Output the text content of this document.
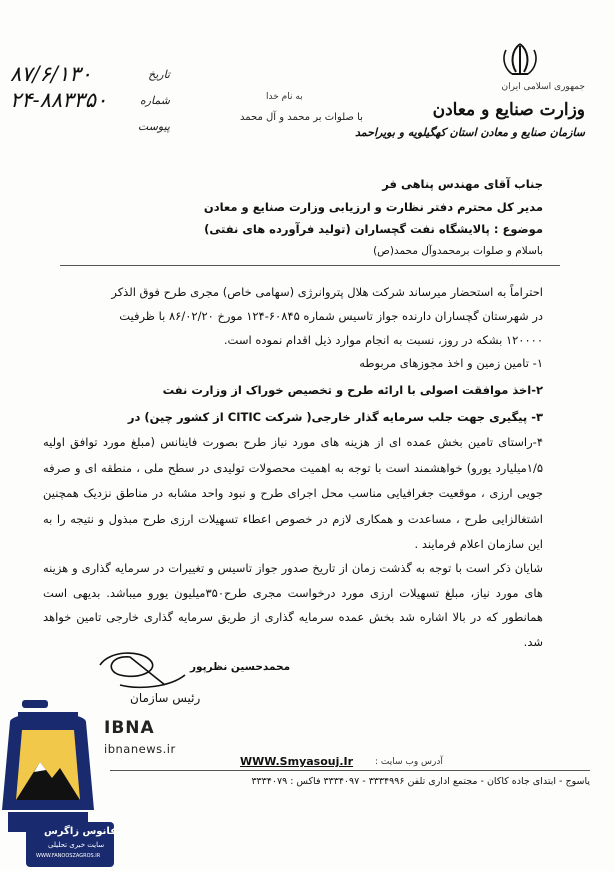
جمهوری اسلامی ایران
وزارت صنایع و معادن
سازمان صنایع و معادن استان کهگیلویه و بویراحمد
به نام خدا
با صلوات بر محمد و آل محمد
۸۷/۶/۱۳۰	تاریخ
۲۴-۸۸۳۳۵۰	شماره
پیوست
جناب آقای مهندس پناهی فر
مدیر کل محترم دفتر نظارت و ارزیابی وزارت صنایع و معادن
موضوع : پالایشگاه نفت گچساران (تولید فرآورده های نفتی)
باسلام و صلوات برمحمدوآل محمد(ص)
احتراماً به استحضار میرساند شرکت هلال پتروانرژی (سهامی خاص) مجری طرح فوق الذکر
در شهرستان گچساران دارنده جواز تاسیس شماره ۶۰۸۴۵-۱۲۴ مورخ ۸۶/۰۲/۲۰ با ظرفیت
۱۲۰۰۰۰ بشکه در روز، نسبت به انجام موارد ذیل اقدام نموده است.
۱- تامین زمین و اخذ مجوزهای مربوطه
۲-اخذ موافقت اصولی با ارائه طرح و تخصیص خوراک از وزارت نفت
۳- پیگیری جهت جلب سرمایه گذار خارجی( شرکت CITIC از کشور چین) در
۴-راستای تامین بخش عمده ای از هزینه های مورد نیاز طرح بصورت فاینانس (مبلغ مورد توافق اولیه ۱/۵میلیارد یورو) خواهشمند است با توجه به اهمیت محصولات تولیدی در سطح ملی ، منطقه ای و صرفه جویی ارزی ، موقعیت جغرافیایی مناسب محل اجرای طرح و نبود واحد مشابه در مناطق نزدیک همچنین اشتغالزایی طرح ، مساعدت و همکاری لازم در خصوص اعطاء تسهیلات ارزی طرح مبذول و نتیجه را به این سازمان اعلام فرمایند .
شایان ذکر است با توجه به گذشت زمان از تاریخ صدور جواز تاسیس و تغییرات در سرمایه گذاری و هزینه های مورد نیاز، مبلغ تسهیلات ارزی مورد درخواست مجری طرح۳۵۰میلیون یورو میباشد. بدیهی است همانطور که در بالا اشاره شد بخش عمده سرمایه گذاری از طریق سرمایه گذاری خارجی تامین خواهد شد.
محمدحسین نظرپور
رئیس سازمان
WWW.Smyasouj.Ir آدرس وب سایت :
یاسوج - ابتدای جاده کاکان - مجتمع اداری تلفن ۳۳۳۴۹۹۶ - ۳۳۳۴۰۹۷ فاکس : ۳۳۳۴۰۷۹
IBNA
ibnanews.ir
فانوس زاگرس
سایت خبری تحلیلی
WWW.FANOOSZAGROS.IR
